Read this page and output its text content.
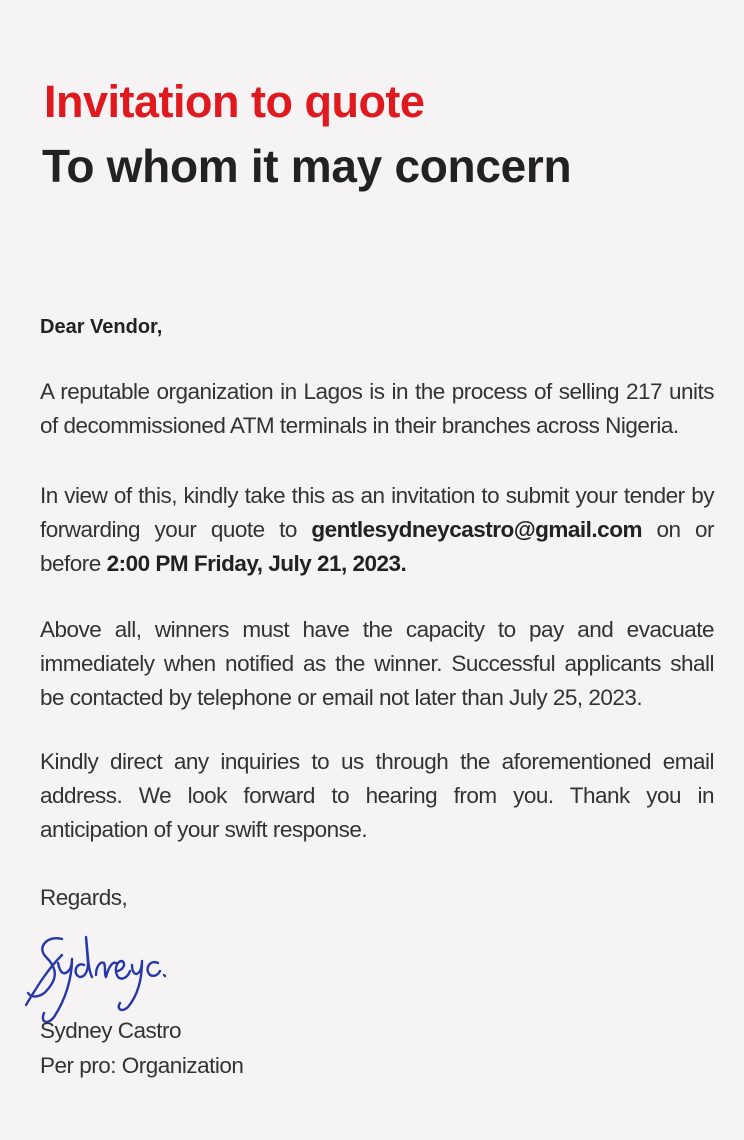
Invitation to quote
To whom it may concern

Dear Vendor,

A reputable organization in Lagos is in the process of selling 217 units of decommissioned ATM terminals in their branches across Nigeria.

In view of this, kindly take this as an invitation to submit your tender by forwarding your quote to gentlesydneycastro@gmail.com on or before 2:00 PM Friday, July 21, 2023.

Above all, winners must have the capacity to pay and evacuate immediately when notified as the winner. Successful applicants shall be contacted by telephone or email not later than July 25, 2023.

Kindly direct any inquiries to us through the aforementioned email address. We look forward to hearing from you. Thank you in anticipation of your swift response.

Regards,

Sydney Castro

Per pro: Organization
